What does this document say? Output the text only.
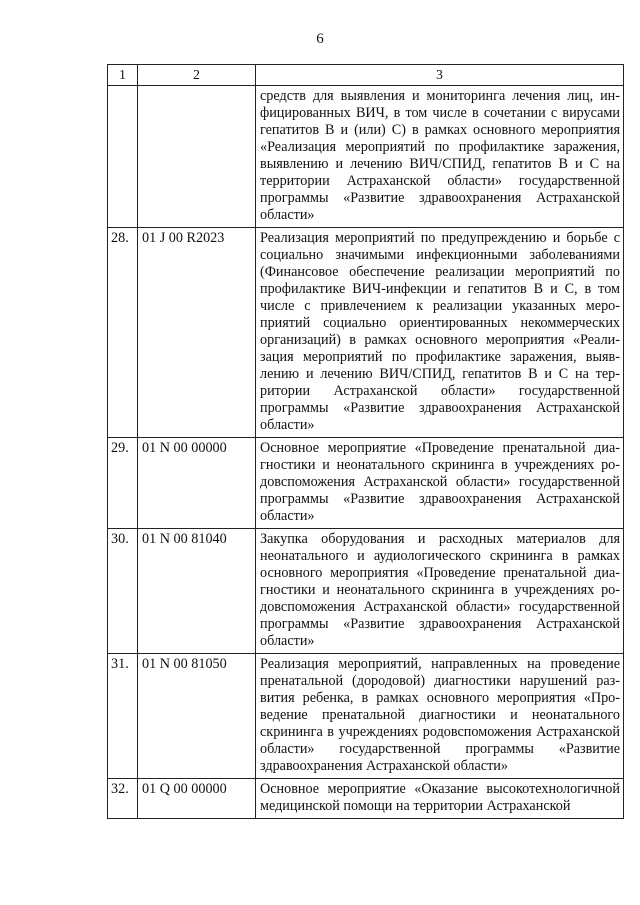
6
1	2	3
		средств для выявления и мониторинга лечения лиц, инфицированных ВИЧ, в том числе в сочетании с вирусами гепатитов В и (или) С) в рамках основного мероприятия «Реализация мероприятий по профилактике заражения, выявлению и лечению ВИЧ/СПИД, гепатитов В и С на территории Астраханской области» государственной программы «Развитие здравоохранения Астраханской области»
28.	01 J 00 R2023	Реализация мероприятий по предупреждению и борьбе с социально значимыми инфекционными заболеваниями (Финансовое обеспечение реализации мероприятий по профилактике ВИЧ-инфекции и гепатитов В и С, в том числе с привлечением к реализации указанных мероприятий социально ориентированных некоммерческих организаций) в рамках основного мероприятия «Реализация мероприятий по профилактике заражения, выявлению и лечению ВИЧ/СПИД, гепатитов В и С на территории Астраханской области» государственной программы «Развитие здравоохранения Астраханской области»
29.	01 N 00 00000	Основное мероприятие «Проведение пренатальной диагностики и неонатального скрининга в учреждениях родовспоможения Астраханской области» государственной программы «Развитие здравоохранения Астраханской области»
30.	01 N 00 81040	Закупка оборудования и расходных материалов для неонатального и аудиологического скрининга в рамках основного мероприятия «Проведение пренатальной диагностики и неонатального скрининга в учреждениях родовспоможения Астраханской области» государственной программы «Развитие здравоохранения Астраханской области»
31.	01 N 00 81050	Реализация мероприятий, направленных на проведение пренатальной (дородовой) диагностики нарушений развития ребенка, в рамках основного мероприятия «Проведение пренатальной диагностики и неонатального скрининга в учреждениях родовспоможения Астраханской области» государственной программы «Развитие здравоохранения Астраханской области»
32.	01 Q 00 00000	Основное мероприятие «Оказание высокотехнологичной медицинской помощи на территории Астраханской
